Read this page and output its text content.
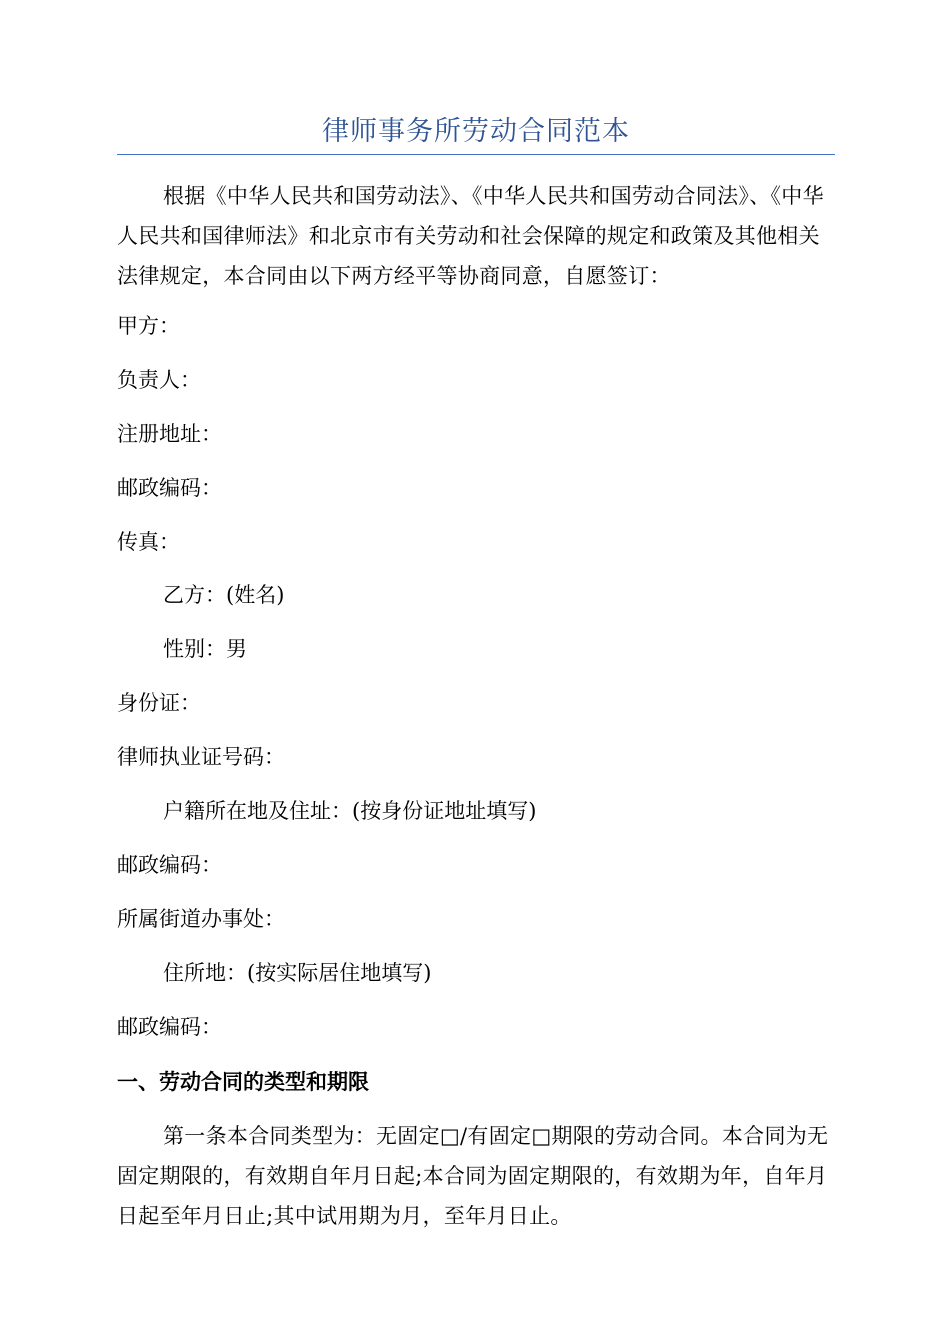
律师事务所劳动合同范本

根据《中华人民共和国劳动法》、《中华人民共和国劳动合同法》、《中华人民共和国律师法》和北京市有关劳动和社会保障的规定和政策及其他相关法律规定，本合同由以下两方经平等协商同意，自愿签订：

甲方：
负责人：
注册地址：
邮政编码：
传真：
乙方：(姓名)
性别：男
身份证：
律师执业证号码：
户籍所在地及住址：(按身份证地址填写)
邮政编码：
所属街道办事处：
住所地：(按实际居住地填写)
邮政编码：
一、劳动合同的类型和期限

第一条本合同类型为：无固定□/有固定□期限的劳动合同。本合同为无固定期限的，有效期自年月日起;本合同为固定期限的，有效期为年，自年月日起至年月日止;其中试用期为月，至年月日止。
